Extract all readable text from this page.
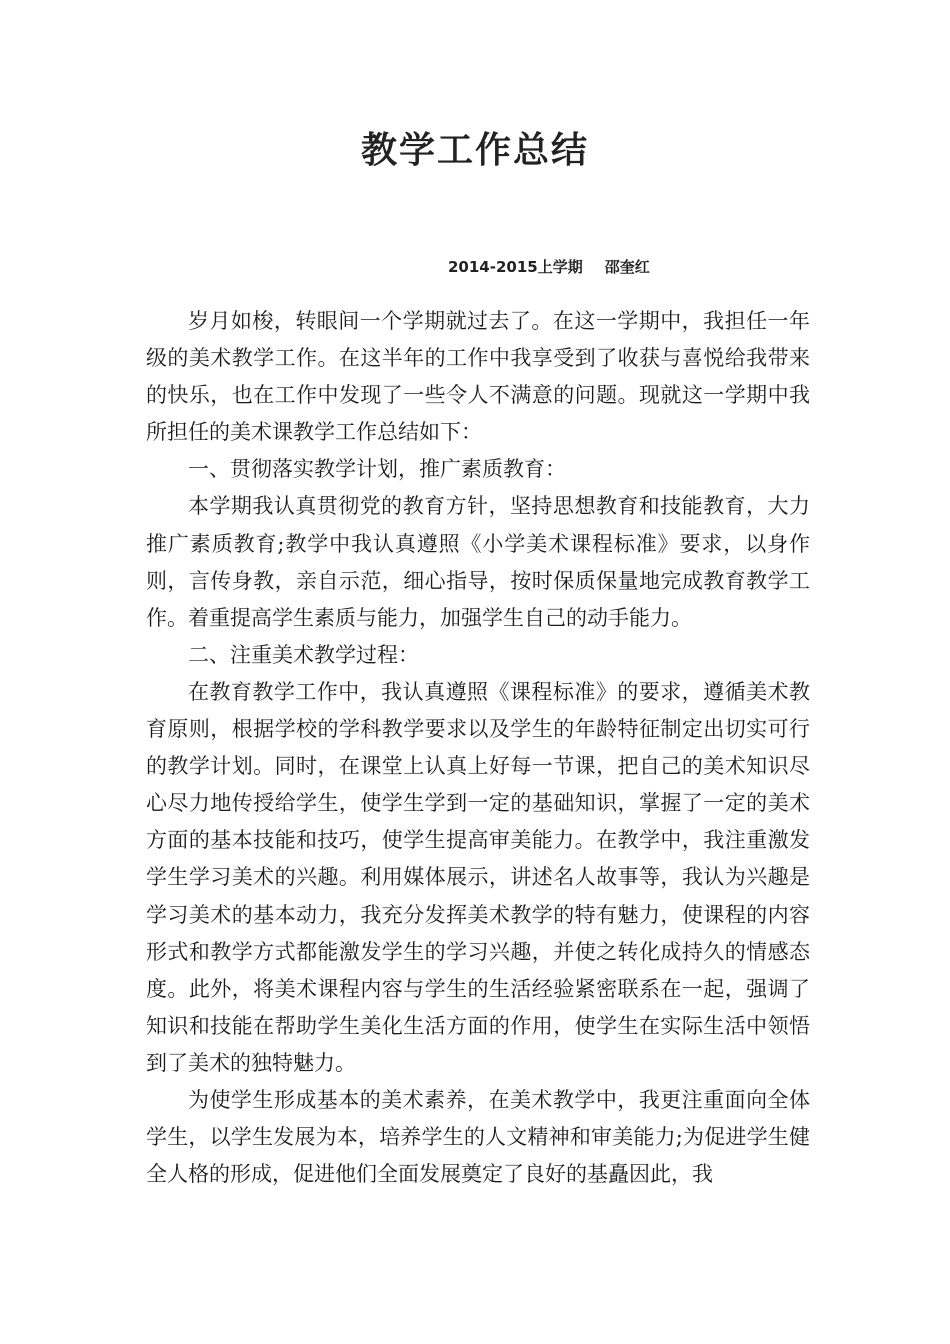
教学工作总结
2014-2015上学期 邵奎红

岁月如梭，转眼间一个学期就过去了。在这一学期中，我担任一年级的美术教学工作。在这半年的工作中我享受到了收获与喜悦给我带来的快乐，也在工作中发现了一些令人不满意的问题。现就这一学期中我所担任的美术课教学工作总结如下：

一、贯彻落实教学计划，推广素质教育：

本学期我认真贯彻党的教育方针，坚持思想教育和技能教育，大力推广素质教育;教学中我认真遵照《小学美术课程标准》要求，以身作则，言传身教，亲自示范，细心指导，按时保质保量地完成教育教学工作。着重提高学生素质与能力，加强学生自己的动手能力。

二、注重美术教学过程：

在教育教学工作中，我认真遵照《课程标准》的要求，遵循美术教育原则，根据学校的学科教学要求以及学生的年龄特征制定出切实可行的教学计划。同时，在课堂上认真上好每一节课，把自己的美术知识尽心尽力地传授给学生，使学生学到一定的基础知识，掌握了一定的美术方面的基本技能和技巧，使学生提高审美能力。在教学中，我注重激发学生学习美术的兴趣。利用媒体展示，讲述名人故事等，我认为兴趣是学习美术的基本动力，我充分发挥美术教学的特有魅力，使课程的内容形式和教学方式都能激发学生的学习兴趣，并使之转化成持久的情感态度。此外，将美术课程内容与学生的生活经验紧密联系在一起，强调了知识和技能在帮助学生美化生活方面的作用，使学生在实际生活中领悟到了美术的独特魅力。

为使学生形成基本的美术素养，在美术教学中，我更注重面向全体学生，以学生发展为本，培养学生的人文精神和审美能力;为促进学生健全人格的形成，促进他们全面发展奠定了良好的基矗因此，我
